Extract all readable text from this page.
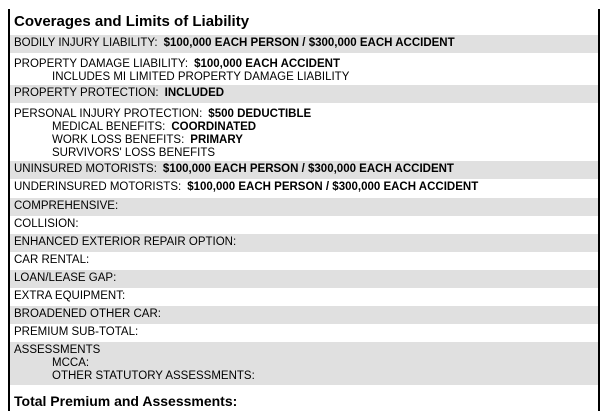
Coverages and Limits of Liability
BODILY INJURY LIABILITY: $100,000 EACH PERSON / $300,000 EACH ACCIDENT
PROPERTY DAMAGE LIABILITY: $100,000 EACH ACCIDENT
INCLUDES MI LIMITED PROPERTY DAMAGE LIABILITY
PROPERTY PROTECTION: INCLUDED
PERSONAL INJURY PROTECTION: $500 DEDUCTIBLE
MEDICAL BENEFITS: COORDINATED
WORK LOSS BENEFITS: PRIMARY
SURVIVORS' LOSS BENEFITS
UNINSURED MOTORISTS: $100,000 EACH PERSON / $300,000 EACH ACCIDENT
UNDERINSURED MOTORISTS: $100,000 EACH PERSON / $300,000 EACH ACCIDENT
COMPREHENSIVE:
COLLISION:
ENHANCED EXTERIOR REPAIR OPTION:
CAR RENTAL:
LOAN/LEASE GAP:
EXTRA EQUIPMENT:
BROADENED OTHER CAR:
PREMIUM SUB-TOTAL:
ASSESSMENTS
MCCA:
OTHER STATUTORY ASSESSMENTS:
Total Premium and Assessments:
